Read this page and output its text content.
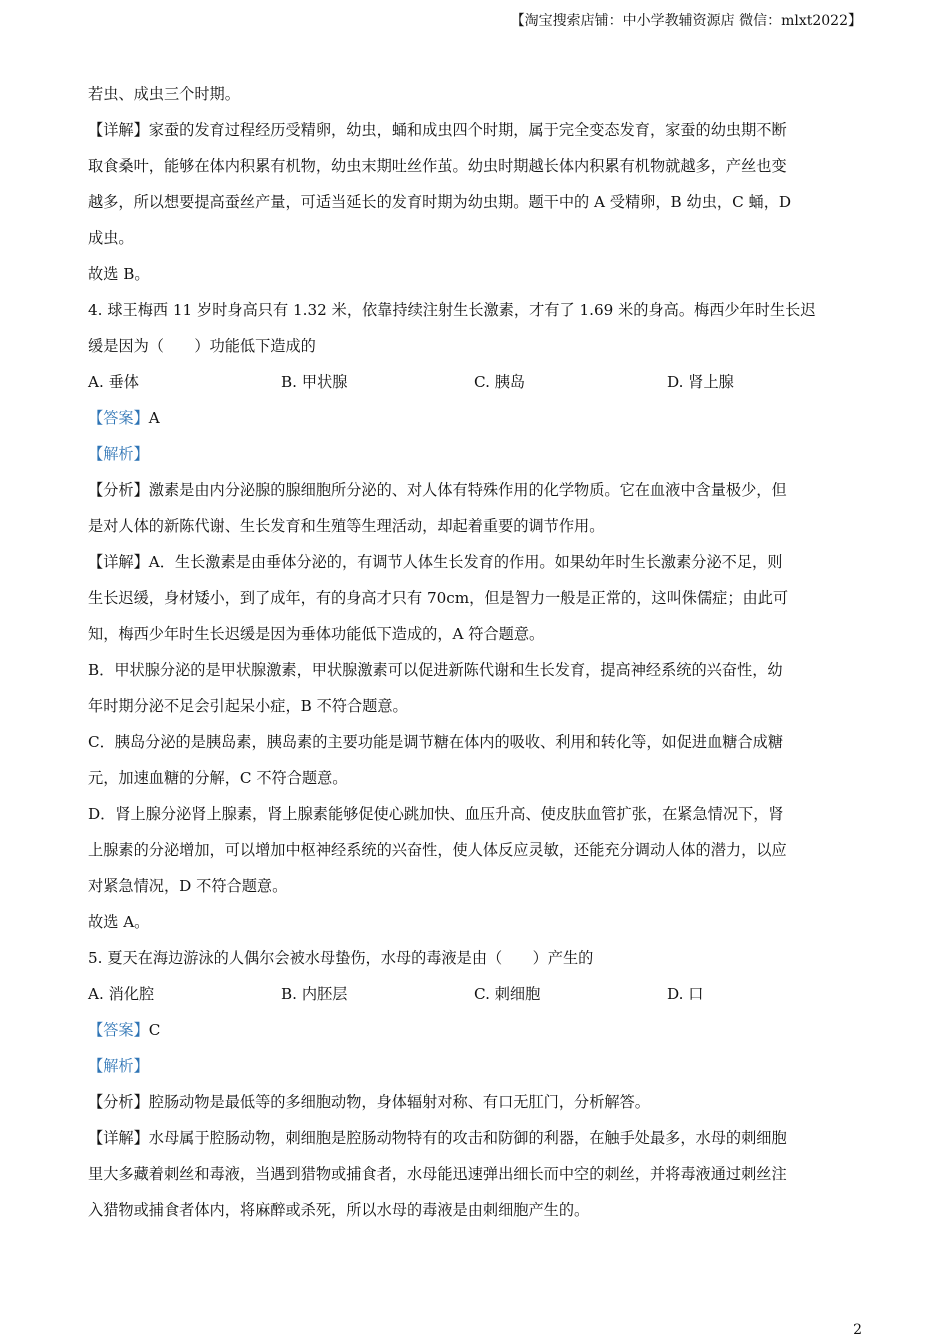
【淘宝搜索店铺：中小学教辅资源店 微信：mlxt2022】
若虫、成虫三个时期。
【详解】家蚕的发育过程经历受精卵，幼虫，蛹和成虫四个时期，属于完全变态发育，家蚕的幼虫期不断
取食桑叶，能够在体内积累有机物，幼虫末期吐丝作茧。幼虫时期越长体内积累有机物就越多，产丝也变
越多，所以想要提高蚕丝产量，可适当延长的发育时期为幼虫期。题干中的 A 受精卵，B 幼虫，C 蛹，D
成虫。
故选 B。
4. 球王梅西 11 岁时身高只有 1.32 米，依靠持续注射生长激素，才有了 1.69 米的身高。梅西少年时生长迟
缓是因为（　　）功能低下造成的
A. 垂体	B. 甲状腺	C. 胰岛	D. 肾上腺
【答案】A
【解析】
【分析】激素是由内分泌腺的腺细胞所分泌的、对人体有特殊作用的化学物质。它在血液中含量极少，但
是对人体的新陈代谢、生长发育和生殖等生理活动，却起着重要的调节作用。
【详解】A．生长激素是由垂体分泌的，有调节人体生长发育的作用。如果幼年时生长激素分泌不足，则
生长迟缓，身材矮小，到了成年，有的身高才只有 70cm，但是智力一般是正常的，这叫侏儒症；由此可
知，梅西少年时生长迟缓是因为垂体功能低下造成的，A 符合题意。
B．甲状腺分泌的是甲状腺激素，甲状腺激素可以促进新陈代谢和生长发育，提高神经系统的兴奋性，幼
年时期分泌不足会引起呆小症，B 不符合题意。
C．胰岛分泌的是胰岛素，胰岛素的主要功能是调节糖在体内的吸收、利用和转化等，如促进血糖合成糖
元，加速血糖的分解，C 不符合题意。
D．肾上腺分泌肾上腺素，肾上腺素能够促使心跳加快、血压升高、使皮肤血管扩张，在紧急情况下，肾
上腺素的分泌增加，可以增加中枢神经系统的兴奋性，使人体反应灵敏，还能充分调动人体的潜力，以应
对紧急情况，D 不符合题意。
故选 A。
5. 夏天在海边游泳的人偶尔会被水母蛰伤，水母的毒液是由（　　）产生的
A. 消化腔	B. 内胚层	C. 刺细胞	D. 口
【答案】C
【解析】
【分析】腔肠动物是最低等的多细胞动物，身体辐射对称、有口无肛门，分析解答。
【详解】水母属于腔肠动物，刺细胞是腔肠动物特有的攻击和防御的利器，在触手处最多，水母的刺细胞
里大多藏着刺丝和毒液，当遇到猎物或捕食者，水母能迅速弹出细长而中空的刺丝，并将毒液通过刺丝注
入猎物或捕食者体内，将麻醉或杀死，所以水母的毒液是由刺细胞产生的。
2
